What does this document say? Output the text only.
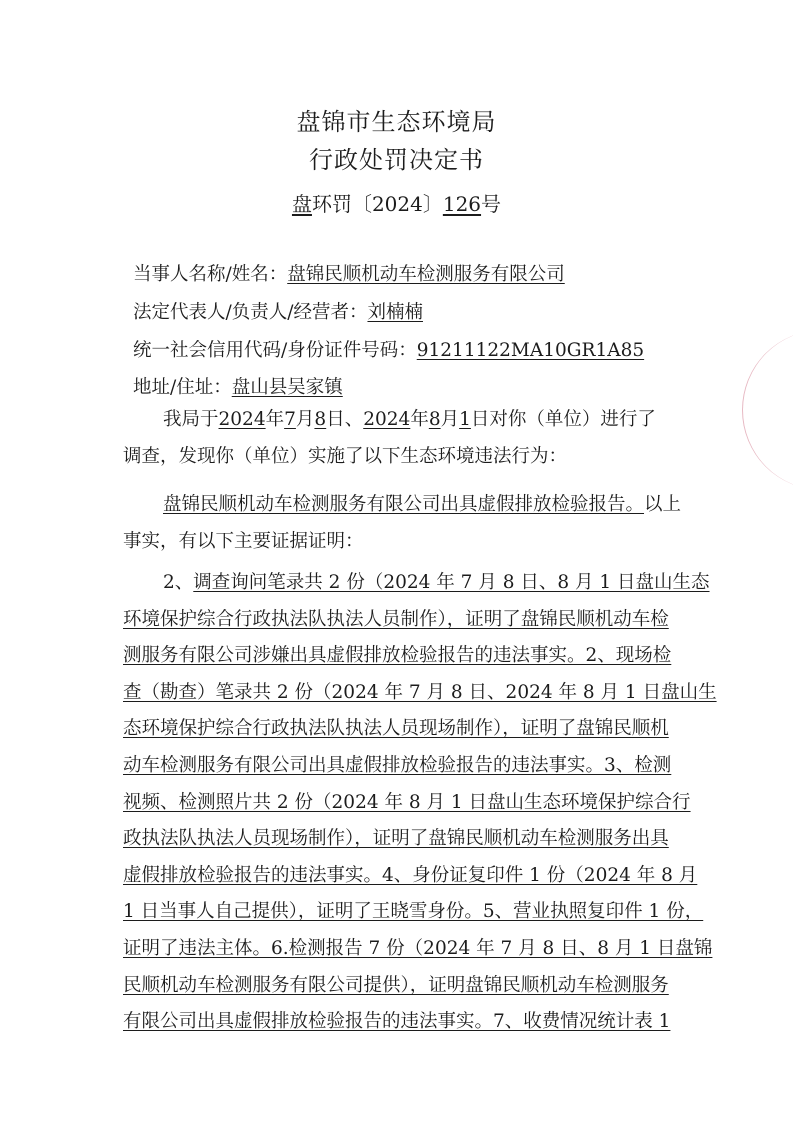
盘锦市生态环境局
行政处罚决定书
盘环罚〔2024〕126号
当事人名称/姓名：盘锦民顺机动车检测服务有限公司
法定代表人/负责人/经营者：刘楠楠
统一社会信用代码/身份证件号码：91211122MA10GR1A85
地址/住址：盘山县吴家镇

我局于2024年7月8日、2024年8月1日对你（单位）进行了

调查，发现你（单位）实施了以下生态环境违法行为：

盘锦民顺机动车检测服务有限公司出具虚假排放检验报告。以上

事实，有以下主要证据证明：

2、调查询问笔录共 2 份（2024 年 7 月 8 日、8 月 1 日盘山生态

环境保护综合行政执法队执法人员制作），证明了盘锦民顺机动车检

测服务有限公司涉嫌出具虚假排放检验报告的违法事实。2、现场检

查（勘查）笔录共 2 份（2024 年 7 月 8 日、2024 年 8 月 1 日盘山生

态环境保护综合行政执法队执法人员现场制作），证明了盘锦民顺机

动车检测服务有限公司出具虚假排放检验报告的违法事实。3、检测

视频、检测照片共 2 份（2024 年 8 月 1 日盘山生态环境保护综合行

政执法队执法人员现场制作），证明了盘锦民顺机动车检测服务出具

虚假排放检验报告的违法事实。4、身份证复印件 1 份（2024 年 8 月

1 日当事人自己提供），证明了王晓雪身份。5、营业执照复印件 1 份，

证明了违法主体。6.检测报告 7 份（2024 年 7 月 8 日、8 月 1 日盘锦

民顺机动车检测服务有限公司提供），证明盘锦民顺机动车检测服务

有限公司出具虚假排放检验报告的违法事实。7、收费情况统计表 1
